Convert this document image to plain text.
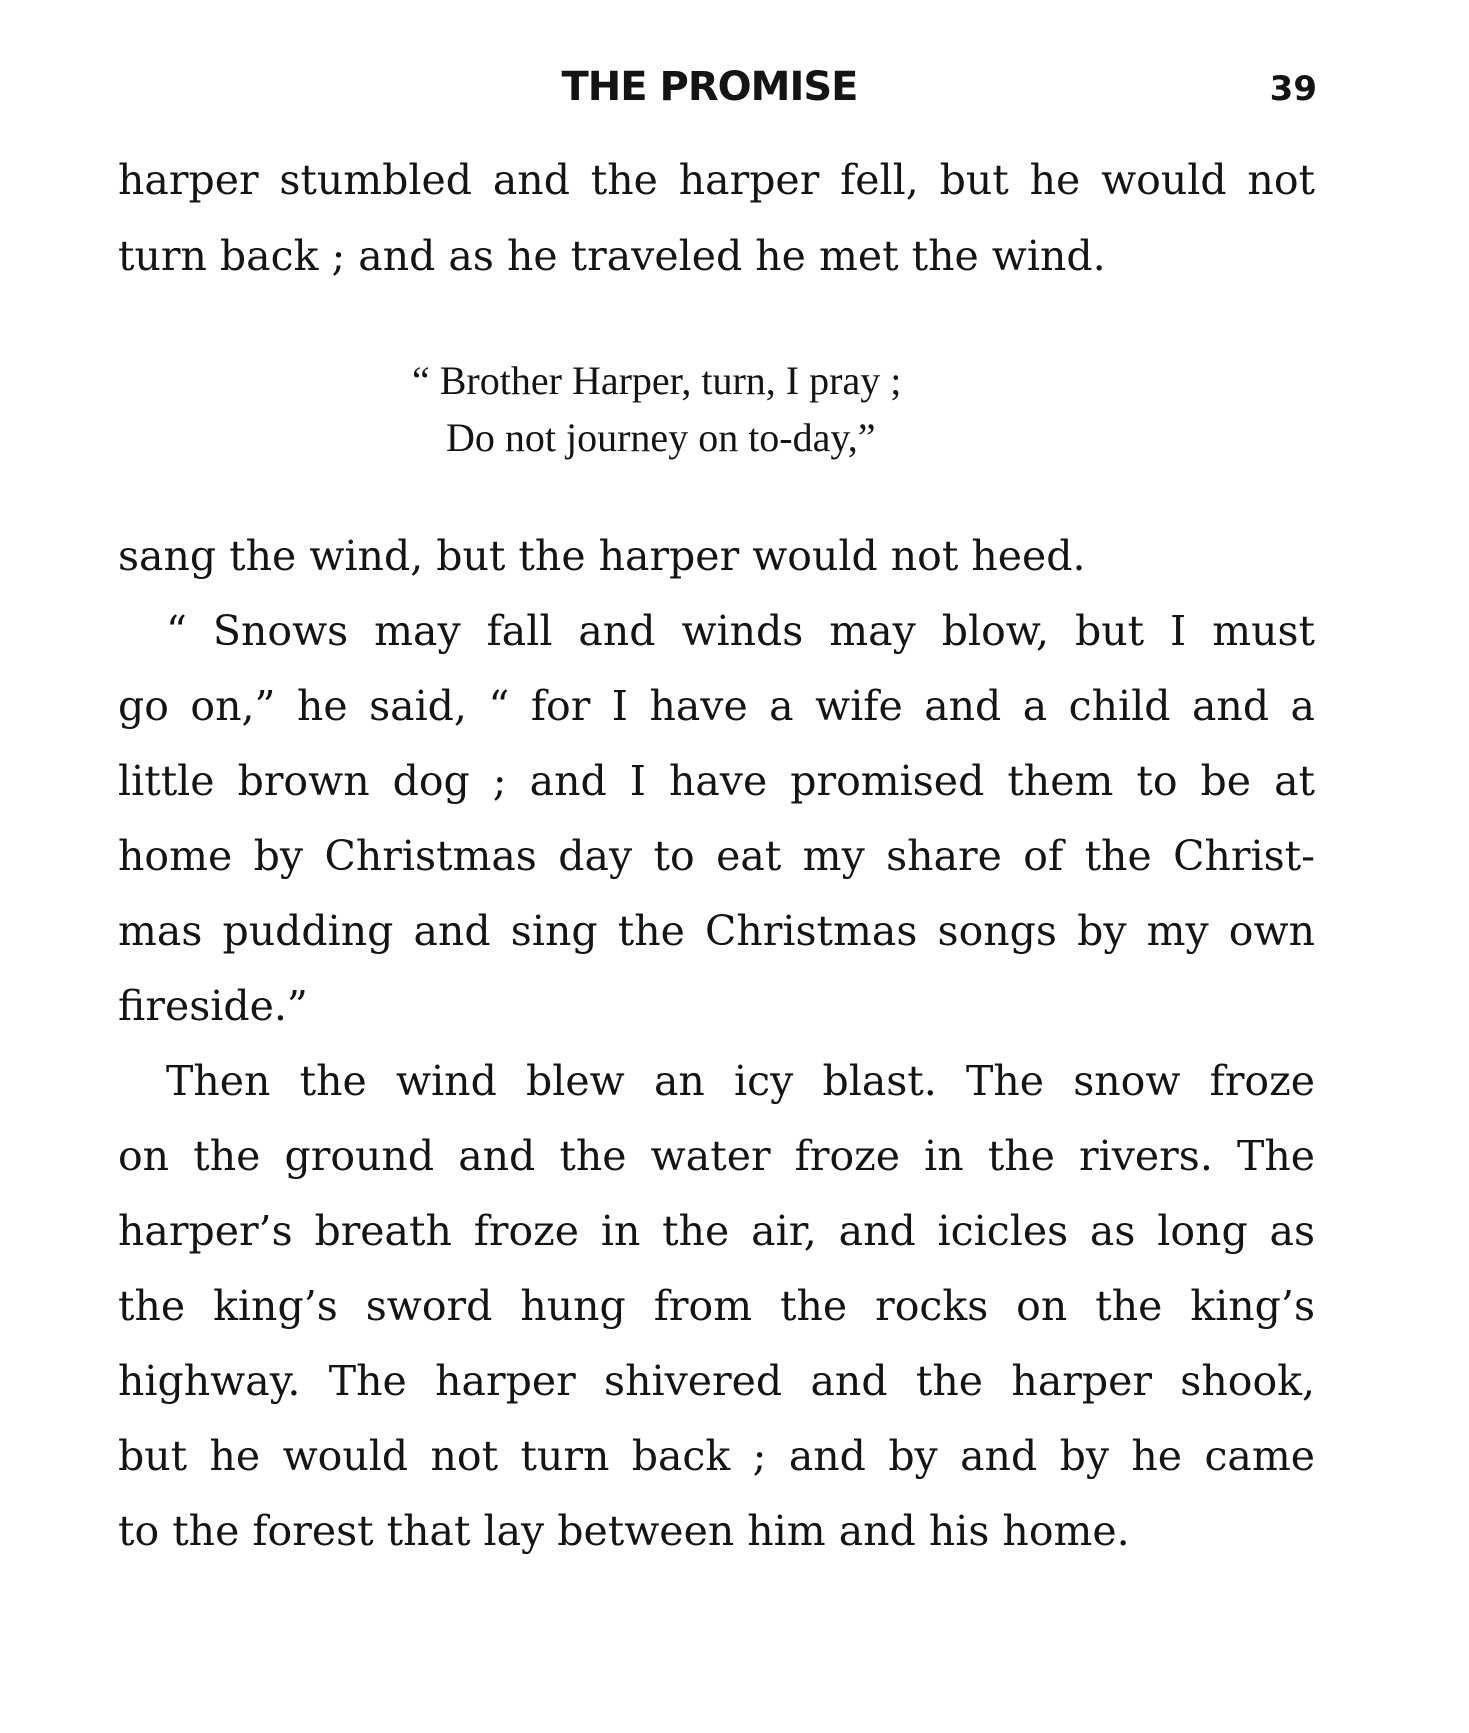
THE PROMISE	39
harper stumbled and the harper fell, but he would not
turn back ; and as he traveled he met the wind.
“ Brother Harper, turn, I pray ;
Do not journey on to-day,”
sang the wind, but the harper would not heed.
“ Snows may fall and winds may blow, but I must
go on,” he said, “ for I have a wife and a child and a
little brown dog ; and I have promised them to be at
home by Christmas day to eat my share of the Christ-
mas pudding and sing the Christmas songs by my own
fireside.”
Then the wind blew an icy blast. The snow froze
on the ground and the water froze in the rivers. The
harper’s breath froze in the air, and icicles as long as
the king’s sword hung from the rocks on the king’s
highway. The harper shivered and the harper shook,
but he would not turn back ; and by and by he came
to the forest that lay between him and his home.
